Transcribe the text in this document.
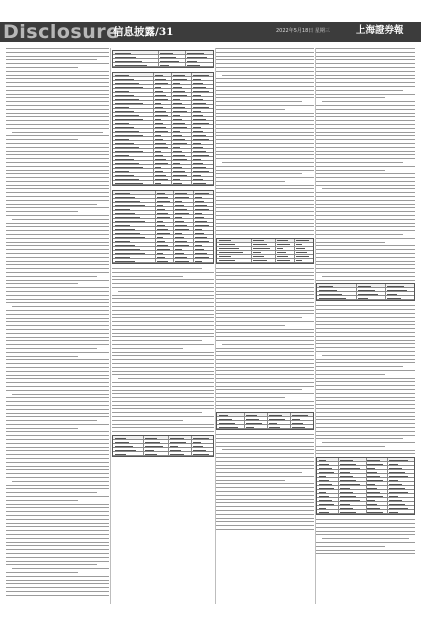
Disclosure
信息披露/31	2022年5月18日 星期三	上海證券報
